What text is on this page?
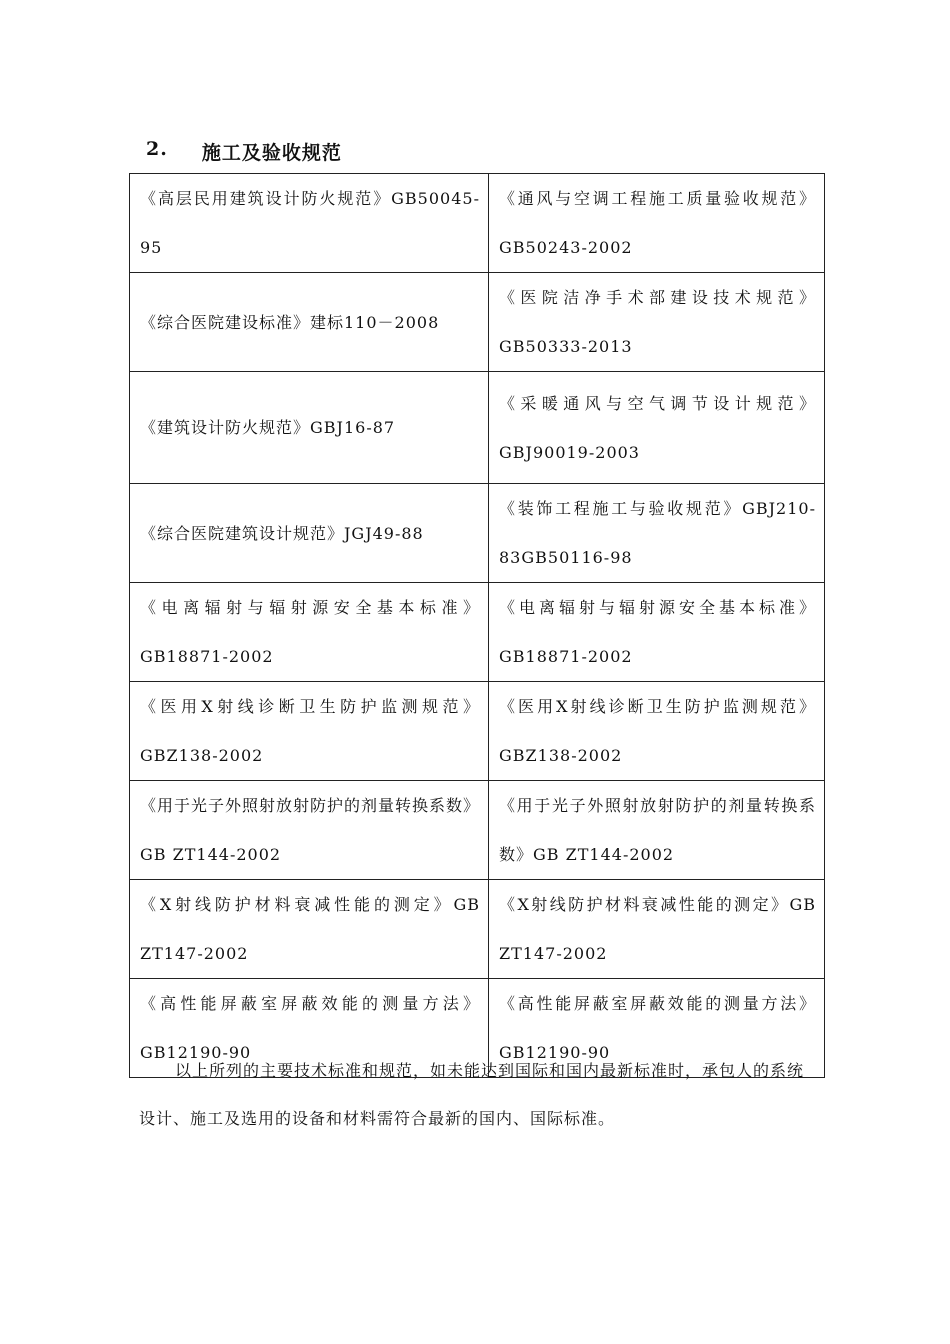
2. 施工及验收规范
《高层民用建筑设计防火规范》GB50045-95	《通风与空调工程施工质量验收规范》GB50243-2002

《综合医院建设标准》建标110－2008	《医院洁净手术部建设技术规范》GB50333-2013

《建筑设计防火规范》GBJ16-87	《采暖通风与空气调节设计规范》GBJ90019-2003

《综合医院建筑设计规范》JGJ49-88	《装饰工程施工与验收规范》GBJ210-83GB50116-98

《电离辐射与辐射源安全基本标准》GB18871-2002	《电离辐射与辐射源安全基本标准》GB18871-2002

《医用X射线诊断卫生防护监测规范》GBZ138-2002	《医用X射线诊断卫生防护监测规范》GBZ138-2002

《用于光子外照射放射防护的剂量转换系数》GB ZT144-2002	《用于光子外照射放射防护的剂量转换系数》GB ZT144-2002

《X射线防护材料衰减性能的测定》GB ZT147-2002	《X射线防护材料衰减性能的测定》GB ZT147-2002

《高性能屏蔽室屏蔽效能的测量方法》GB12190-90	《高性能屏蔽室屏蔽效能的测量方法》GB12190-90
以上所列的主要技术标准和规范，如未能达到国际和国内最新标准时，承包人的系统设计、施工及选用的设备和材料需符合最新的国内、国际标准。
